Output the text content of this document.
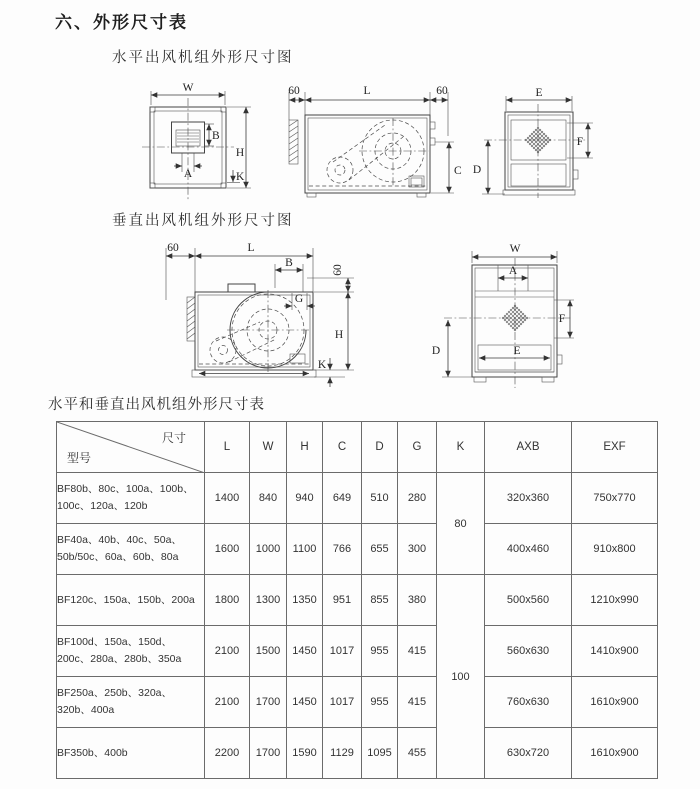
六、外形尺寸表
水平出风机组外形尺寸图
W
B
A
H
K
60	L	60
C
E
F
D
垂直出风机组外形尺寸图
60	L
B
60
G
H
K
W
A
F
E
D
水平和垂直出风机组外形尺寸表
尺寸
型号	L	W	H	C	D	G	K	AXB	EXF
BF80b、80c、100a、100b、100c、120a、120b	1400	840	940	649	510	280	80	320x360	750x770
BF40a、40b、40c、50a、50b/50c、60a、60b、80a	1600	1000	1100	766	655	300		400x460	910x800
BF120c、150a、150b、200a	1800	1300	1350	951	855	380	100	500x560	1210x990
BF100d、150a、150d、200c、280a、280b、350a	2100	1500	1450	1017	955	415		560x630	1410x900
BF250a、250b、320a、320b、400a	2100	1700	1450	1017	955	415		760x630	1610x900
BF350b、400b	2200	1700	1590	1129	1095	455		630x720	1610x900
